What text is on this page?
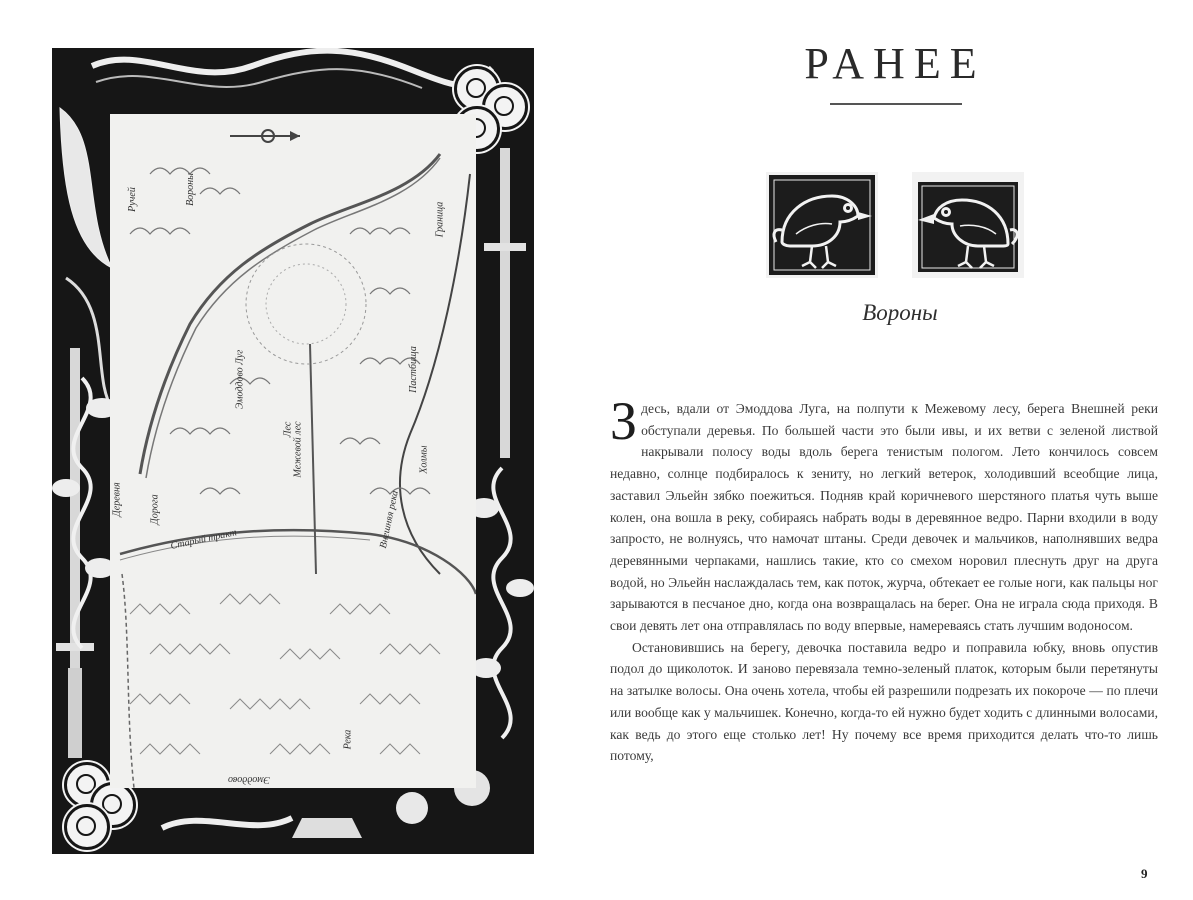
Вороны
Ручей
Эмоддово Луг
Межевой лес
Внешняя река
Старый тракт
Деревня	Дорога
Граница
Пастбища
Холмы
Река
Эмоддово
Лес
РАНЕЕ
Вороны

Здесь, вдали от Эмоддова Луга, на полпути к Межевому лесу, берега Внешней реки обступали деревья. По большей части это были ивы, и их ветви с зеленой листвой накрывали полосу воды вдоль берега тенистым пологом. Лето кончилось совсем недавно, солнце подбиралось к зениту, но легкий ветерок, холодивший всеобщие лица, заставил Эльейн зябко поежиться. Подняв край коричневого шерстяного платья чуть выше колен, она вошла в реку, собираясь набрать воды в деревянное ведро. Парни входили в воду запросто, не волнуясь, что намочат штаны. Среди девочек и мальчиков, наполнявших ведра деревянными черпаками, нашлись такие, кто со смехом норовил плеснуть друг на друга водой, но Эльейн наслаждалась тем, как поток, журча, обтекает ее голые ноги, как пальцы ног зарываются в песчаное дно, когда она возвращалась на берег. Она не играла сюда приходя. В свои девять лет она отправлялась по воду впервые, намереваясь стать лучшим водоносом.

Остановившись на берегу, девочка поставила ведро и поправила юбку, вновь опустив подол до щиколоток. И заново перевязала темно-зеленый платок, которым были перетянуты на затылке волосы. Она очень хотела, чтобы ей разрешили подрезать их покороче — по плечи или вообще как у мальчишек. Конечно, когда-то ей нужно будет ходить с длинными волосами, как ведь до этого еще столько лет! Ну почему все время приходится делать что-то лишь потому,

9
